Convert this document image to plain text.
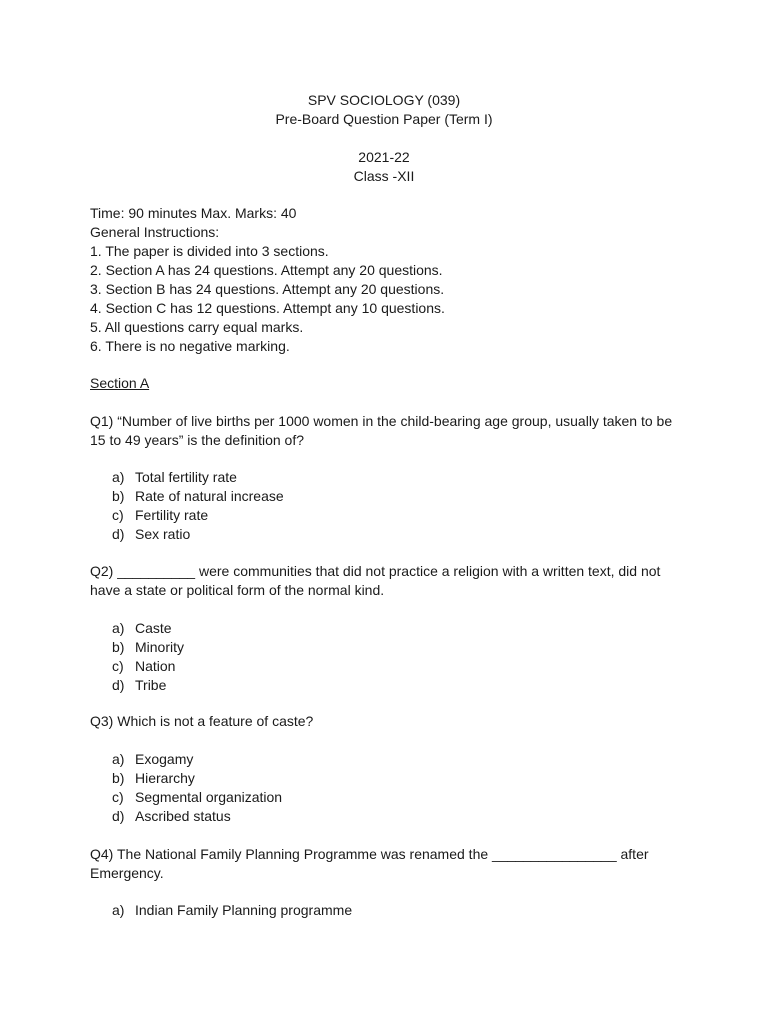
SPV SOCIOLOGY (039)
Pre-Board Question Paper (Term I)
2021-22
Class -XII
Time: 90 minutes Max. Marks: 40
General Instructions:
1. The paper is divided into 3 sections.
2. Section A has 24 questions. Attempt any 20 questions.
3. Section B has 24 questions. Attempt any 20 questions.
4. Section C has 12 questions. Attempt any 10 questions.
5. All questions carry equal marks.
6. There is no negative marking.
Section A
Q1) “Number of live births per 1000 women in the child-bearing age group, usually taken to be
15 to 49 years” is the definition of?
a) Total fertility rate
b) Rate of natural increase
c) Fertility rate
d) Sex ratio
Q2) __________ were communities that did not practice a religion with a written text, did not
have a state or political form of the normal kind.
a) Caste
b) Minority
c) Nation
d) Tribe
Q3) Which is not a feature of caste?
a) Exogamy
b) Hierarchy
c) Segmental organization
d) Ascribed status
Q4) The National Family Planning Programme was renamed the ________________ after
Emergency.
a) Indian Family Planning programme
